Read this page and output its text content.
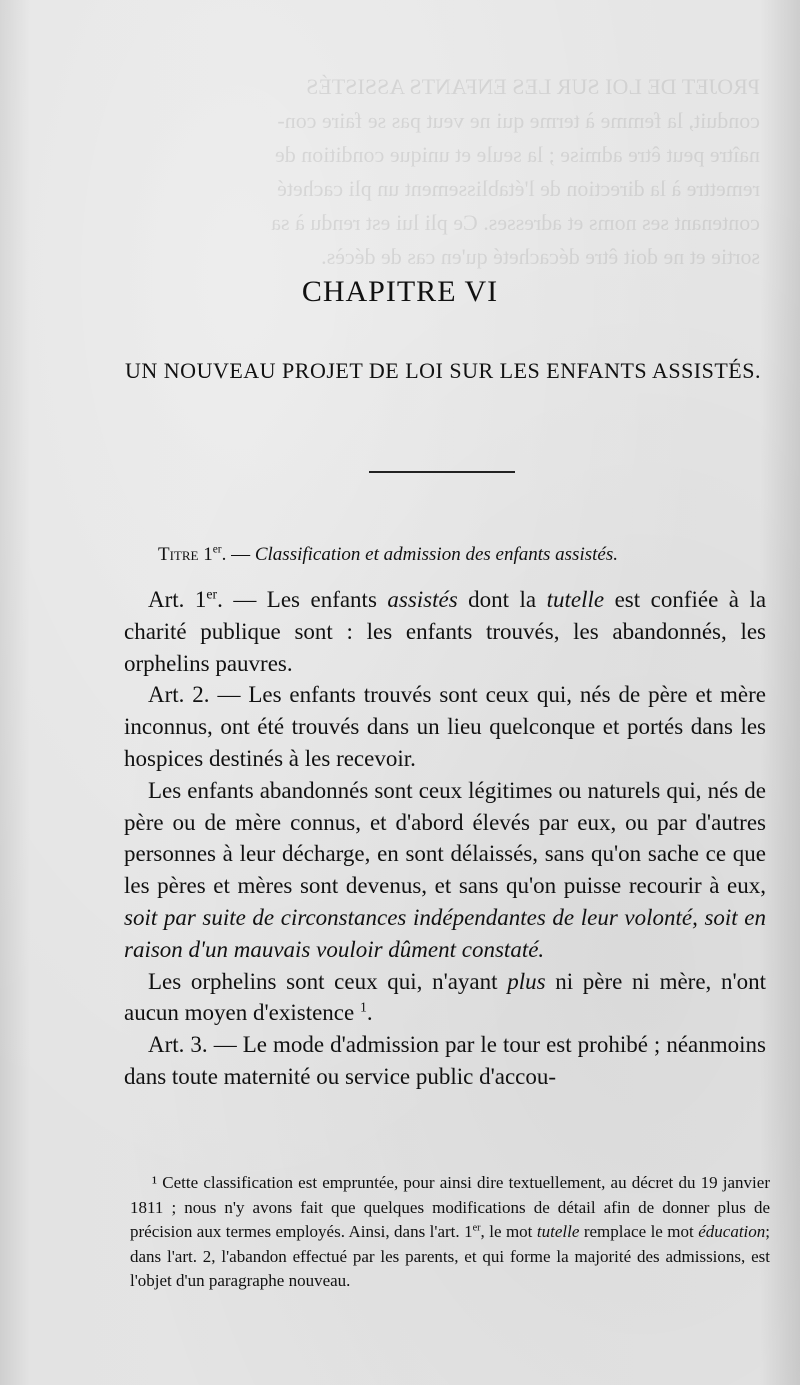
PROJET DE LOI SUR LES ENFANTS ASSISTÉS
conduit, la femme à terme qui ne veut pas se faire con-
naître peut être admise ; la seule et unique condition de
remettre à la direction de l'établissement un pli cacheté
contenant ses noms et adresses. Ce pli lui est rendu à sa
sortie et ne doit être décacheté qu'en cas de décès.
CHAPITRE VI
UN NOUVEAU PROJET DE LOI SUR LES ENFANTS ASSISTÉS.

Titre 1er. — Classification et admission des enfants assistés.

Art. 1er. — Les enfants assistés dont la tutelle est confiée à la charité publique sont : les enfants trouvés, les abandonnés, les orphelins pauvres.

Art. 2. — Les enfants trouvés sont ceux qui, nés de père et mère inconnus, ont été trouvés dans un lieu quelconque et portés dans les hospices destinés à les recevoir.

Les enfants abandonnés sont ceux légitimes ou naturels qui, nés de père ou de mère connus, et d'abord élevés par eux, ou par d'autres personnes à leur décharge, en sont délaissés, sans qu'on sache ce que les pères et mères sont devenus, et sans qu'on puisse recourir à eux, soit par suite de circonstances indépendantes de leur volonté, soit en raison d'un mauvais vouloir dûment constaté.

Les orphelins sont ceux qui, n'ayant plus ni père ni mère, n'ont aucun moyen d'existence $^1$.

Art. 3. — Le mode d'admission par le tour est prohibé ; néanmoins dans toute maternité ou service public d'accou-

¹ Cette classification est empruntée, pour ainsi dire textuellement, au décret du 19 janvier 1811 ; nous n'y avons fait que quelques modifications de détail afin de donner plus de précision aux termes employés. Ainsi, dans l'art. 1er, le mot tutelle remplace le mot éducation; dans l'art. 2, l'abandon effectué par les parents, et qui forme la majorité des admissions, est l'objet d'un paragraphe nouveau.
